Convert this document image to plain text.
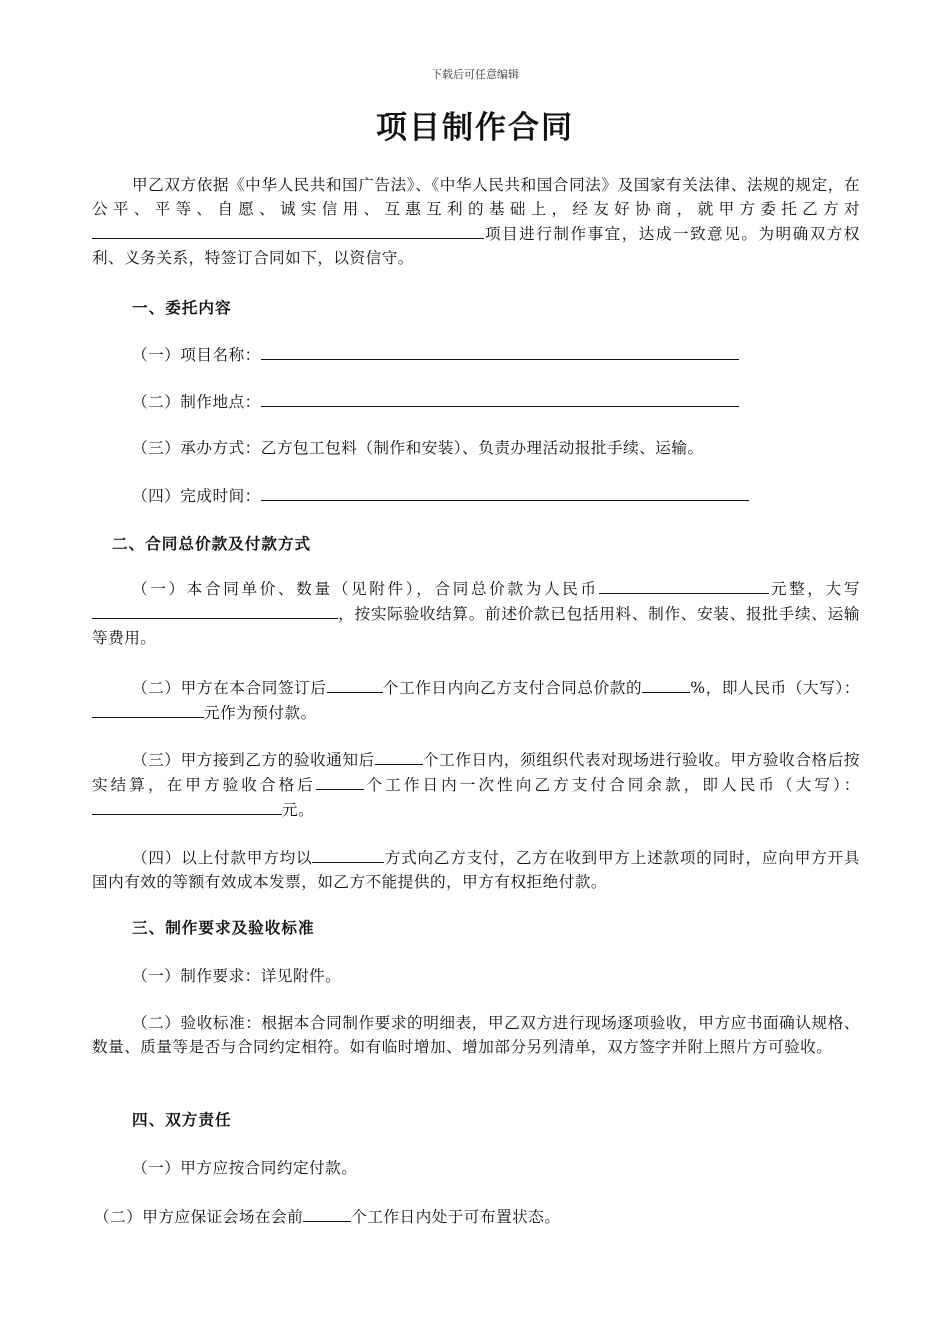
下载后可任意编辑
项目制作合同
甲乙双方依据《中华人民共和国广告法》、《中华人民共和国合同法》及国家有关法律、法规的规定，在公平、平等、自愿、诚实信用、互惠互利的基础上，经友好协商，就甲方委托乙方对项目进行制作事宜，达成一致意见。为明确双方权利、义务关系，特签订合同如下，以资信守。
一、委托内容
（一）项目名称：
（二）制作地点：
（三）承办方式：乙方包工包料（制作和安装）、负责办理活动报批手续、运输。
（四）完成时间：
二、合同总价款及付款方式
（一）本合同单价、数量（见附件），合同总价款为人民币	元整，大写，按实际验收结算。前述价款已包括用料、制作、安装、报批手续、运输等费用。
（二）甲方在本合同签订后	个工作日内向乙方支付合同总价款的	%，即人民币（大写）：元作为预付款。
（三）甲方接到乙方的验收通知后	个工作日内，须组织代表对现场进行验收。甲方验收合格后按实结算，在甲方验收合格后	个工作日内一次性向乙方支付合同余款，即人民币（大写）：元。
（四）以上付款甲方均以	方式向乙方支付，乙方在收到甲方上述款项的同时，应向甲方开具国内有效的等额有效成本发票，如乙方不能提供的，甲方有权拒绝付款。
三、制作要求及验收标准
（一）制作要求：详见附件。
（二）验收标准：根据本合同制作要求的明细表，甲乙双方进行现场逐项验收，甲方应书面确认规格、数量、质量等是否与合同约定相符。如有临时增加、增加部分另列清单，双方签字并附上照片方可验收。
四、双方责任
（一）甲方应按合同约定付款。
（二）甲方应保证会场在会前	个工作日内处于可布置状态。
